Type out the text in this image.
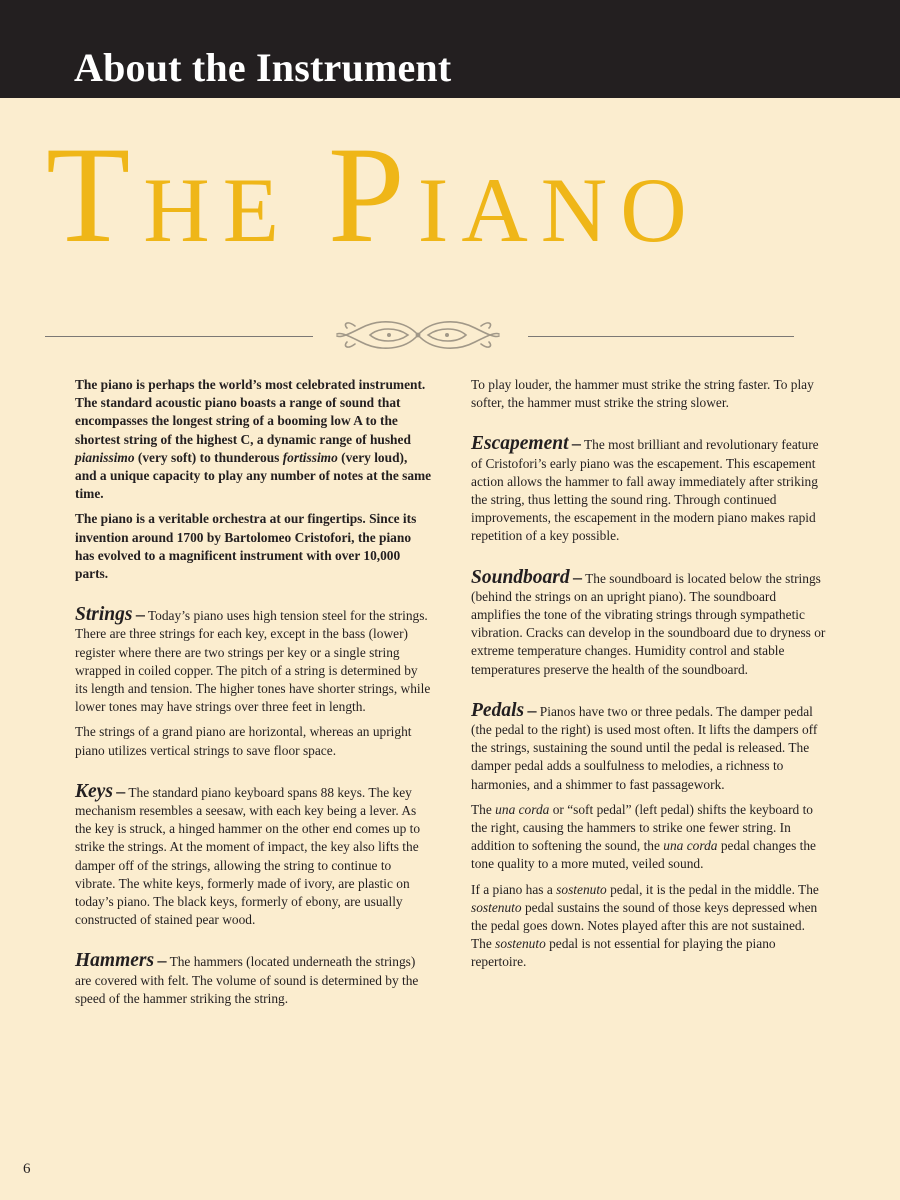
About the Instrument
THE PIANO

The piano is perhaps the world’s most celebrated instrument. The standard acoustic piano boasts a range of sound that encompasses the longest string of a booming low A to the shortest string of the highest C, a dynamic range of hushed pianissimo (very soft) to thunderous fortissimo (very loud), and a unique capacity to play any number of notes at the same time.

The piano is a veritable orchestra at our fingertips. Since its invention around 1700 by Bartolomeo Cristofori, the piano has evolved to a magnificent instrument with over 10,000 parts.

Strings – Today’s piano uses high tension steel for the strings. There are three strings for each key, except in the bass (lower) register where there are two strings per key or a single string wrapped in coiled copper. The pitch of a string is determined by its length and tension. The higher tones have shorter strings, while lower tones may have strings over three feet in length.

The strings of a grand piano are horizontal, whereas an upright piano utilizes vertical strings to save floor space.

Keys – The standard piano keyboard spans 88 keys. The key mechanism resembles a seesaw, with each key being a lever. As the key is struck, a hinged hammer on the other end comes up to strike the strings. At the moment of impact, the key also lifts the damper off of the strings, allowing the string to continue to vibrate. The white keys, formerly made of ivory, are plastic on today’s piano. The black keys, formerly of ebony, are usually constructed of stained pear wood.

Hammers – The hammers (located underneath the strings) are covered with felt. The volume of sound is determined by the speed of the hammer striking the string.

To play louder, the hammer must strike the string faster. To play softer, the hammer must strike the string slower.

Escapement – The most brilliant and revolutionary feature of Cristofori’s early piano was the escapement. This escapement action allows the hammer to fall away immediately after striking the string, thus letting the sound ring. Through continued improvements, the escapement in the modern piano makes rapid repetition of a key possible.

Soundboard – The soundboard is located below the strings (behind the strings on an upright piano). The soundboard amplifies the tone of the vibrating strings through sympathetic vibration. Cracks can develop in the soundboard due to dryness or extreme temperature changes. Humidity control and stable temperatures preserve the health of the soundboard.

Pedals – Pianos have two or three pedals. The damper pedal (the pedal to the right) is used most often. It lifts the dampers off the strings, sustaining the sound until the pedal is released. The damper pedal adds a soulfulness to melodies, a richness to harmonies, and a shimmer to fast passagework.

The una corda or “soft pedal” (left pedal) shifts the keyboard to the right, causing the hammers to strike one fewer string. In addition to softening the sound, the una corda pedal changes the tone quality to a more muted, veiled sound.

If a piano has a sostenuto pedal, it is the pedal in the middle. The sostenuto pedal sustains the sound of those keys depressed when the pedal goes down. Notes played after this are not sustained. The sostenuto pedal is not essential for playing the piano repertoire.

6
